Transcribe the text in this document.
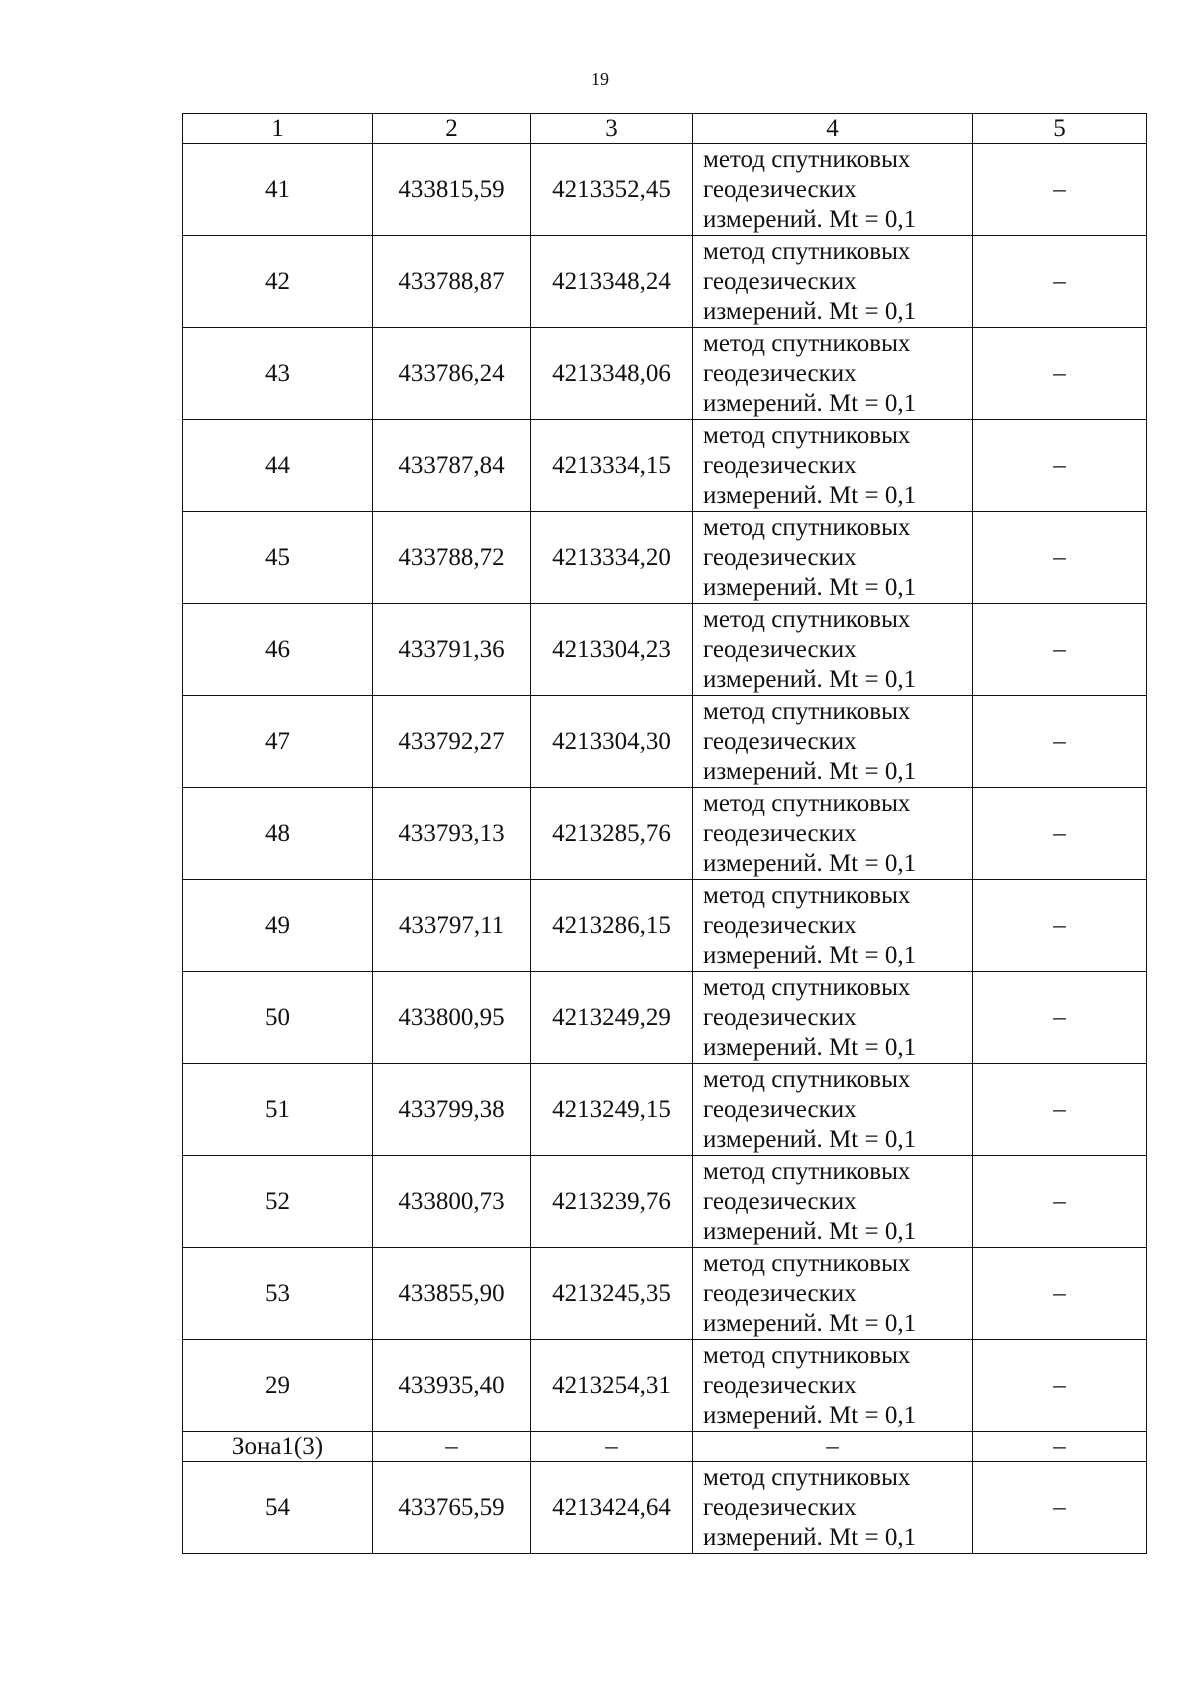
19
1	2	3	4	5
41	433815,59	4213352,45	метод спутниковых
геодезических
измерений. Mt = 0,1	–
42	433788,87	4213348,24	метод спутниковых
геодезических
измерений. Mt = 0,1	–
43	433786,24	4213348,06	метод спутниковых
геодезических
измерений. Mt = 0,1	–
44	433787,84	4213334,15	метод спутниковых
геодезических
измерений. Mt = 0,1	–
45	433788,72	4213334,20	метод спутниковых
геодезических
измерений. Mt = 0,1	–
46	433791,36	4213304,23	метод спутниковых
геодезических
измерений. Mt = 0,1	–
47	433792,27	4213304,30	метод спутниковых
геодезических
измерений. Mt = 0,1	–
48	433793,13	4213285,76	метод спутниковых
геодезических
измерений. Mt = 0,1	–
49	433797,11	4213286,15	метод спутниковых
геодезических
измерений. Mt = 0,1	–
50	433800,95	4213249,29	метод спутниковых
геодезических
измерений. Mt = 0,1	–
51	433799,38	4213249,15	метод спутниковых
геодезических
измерений. Mt = 0,1	–
52	433800,73	4213239,76	метод спутниковых
геодезических
измерений. Mt = 0,1	–
53	433855,90	4213245,35	метод спутниковых
геодезических
измерений. Mt = 0,1	–
29	433935,40	4213254,31	метод спутниковых
геодезических
измерений. Mt = 0,1	–
Зона1(3)	–	–	–	–
54	433765,59	4213424,64	метод спутниковых
геодезических
измерений. Mt = 0,1	–
